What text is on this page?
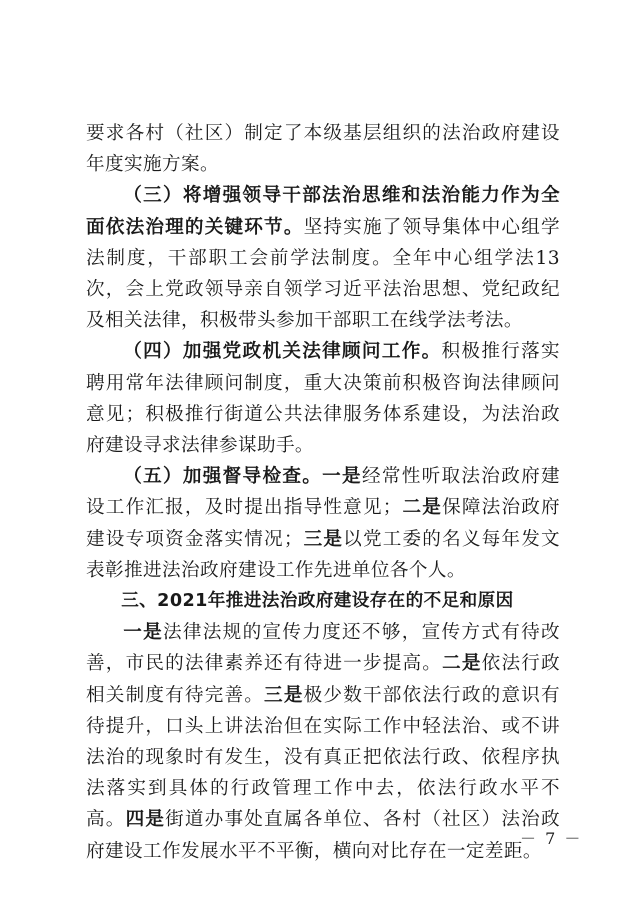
要求各村（社区）制定了本级基层组织的法治政府建设年度实施方案。

（三）将增强领导干部法治思维和法治能力作为全面依法治理的关键环节。坚持实施了领导集体中心组学法制度，干部职工会前学法制度。全年中心组学法13次，会上党政领导亲自领学习近平法治思想、党纪政纪及相关法律，积极带头参加干部职工在线学法考法。

（四）加强党政机关法律顾问工作。积极推行落实聘用常年法律顾问制度，重大决策前积极咨询法律顾问意见；积极推行街道公共法律服务体系建设，为法治政府建设寻求法律参谋助手。

（五）加强督导检查。一是经常性听取法治政府建设工作汇报，及时提出指导性意见；二是保障法治政府建设专项资金落实情况；三是以党工委的名义每年发文表彰推进法治政府建设工作先进单位各个人。

三、2021年推进法治政府建设存在的不足和原因

一是法律法规的宣传力度还不够，宣传方式有待改善，市民的法律素养还有待进一步提高。二是依法行政相关制度有待完善。三是极少数干部依法行政的意识有待提升，口头上讲法治但在实际工作中轻法治、或不讲法治的现象时有发生，没有真正把依法行政、依程序执法落实到具体的行政管理工作中去，依法行政水平不高。四是街道办事处直属各单位、各村（社区）法治政府建设工作发展水平不平衡，横向对比存在一定差距。

－ 7 －
